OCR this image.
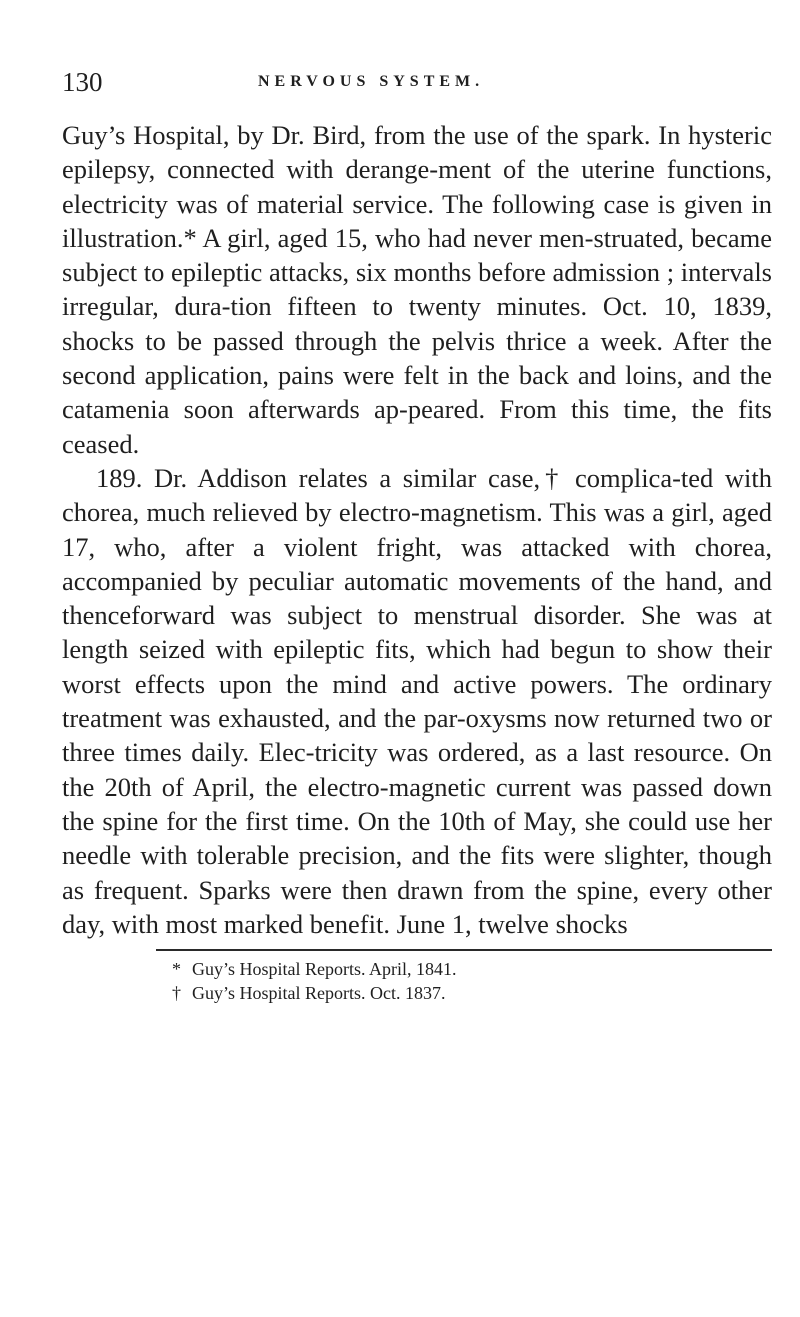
130	NERVOUS SYSTEM.

Guy’s Hospital, by Dr. Bird, from the use of the spark. In hysteric epilepsy, connected with derange-ment of the uterine functions, electricity was of material service. The following case is given in illustration.* A girl, aged 15, who had never men-struated, became subject to epileptic attacks, six months before admission ; intervals irregular, dura-tion fifteen to twenty minutes. Oct. 10, 1839, shocks to be passed through the pelvis thrice a week. After the second application, pains were felt in the back and loins, and the catamenia soon afterwards ap-peared. From this time, the fits ceased.

189. Dr. Addison relates a similar case,† complica-ted with chorea, much relieved by electro-magnetism. This was a girl, aged 17, who, after a violent fright, was attacked with chorea, accompanied by peculiar automatic movements of the hand, and thenceforward was subject to menstrual disorder. She was at length seized with epileptic fits, which had begun to show their worst effects upon the mind and active powers. The ordinary treatment was exhausted, and the par-oxysms now returned two or three times daily. Elec-tricity was ordered, as a last resource. On the 20th of April, the electro-magnetic current was passed down the spine for the first time. On the 10th of May, she could use her needle with tolerable precision, and the fits were slighter, though as frequent. Sparks were then drawn from the spine, every other day, with most marked benefit. June 1, twelve shocks

* Guy’s Hospital Reports. April, 1841.
† Guy’s Hospital Reports. Oct. 1837.
